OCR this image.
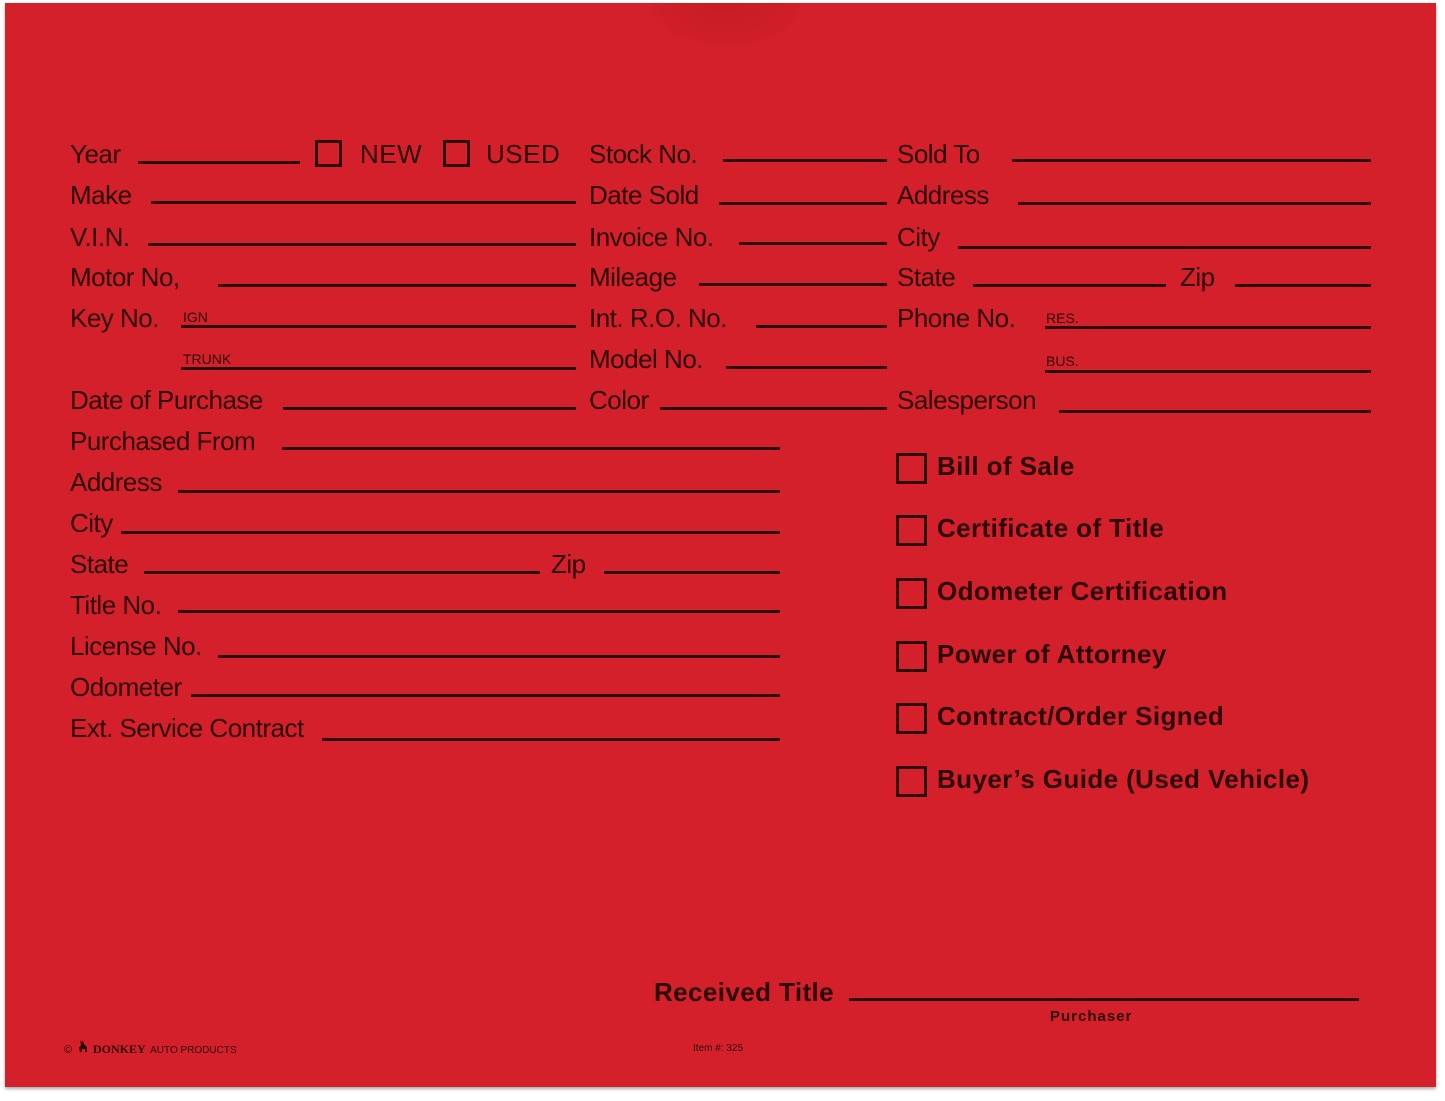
Year	NEW USED Stock No.	Sold To
Make	Date Sold	Address
V.I.N.	Invoice No.	City
Motor No,	Mileage	State	Zip
Key No. IGN	Int. R.O. No.	Phone No. RES.
TRUNK	Model No.	BUS.
Date of Purchase	Color	Salesperson
Purchased From
Address
City
State	Zip
Title No.
License No.
Odometer
Ext. Service Contract
Bill of Sale
Certificate of Title
Odometer Certification
Power of Attorney
Contract/Order Signed
Buyer’s Guide (Used Vehicle)
Received Title
Purchaser
© DONKEY AUTO PRODUCTS	Item #: 325
